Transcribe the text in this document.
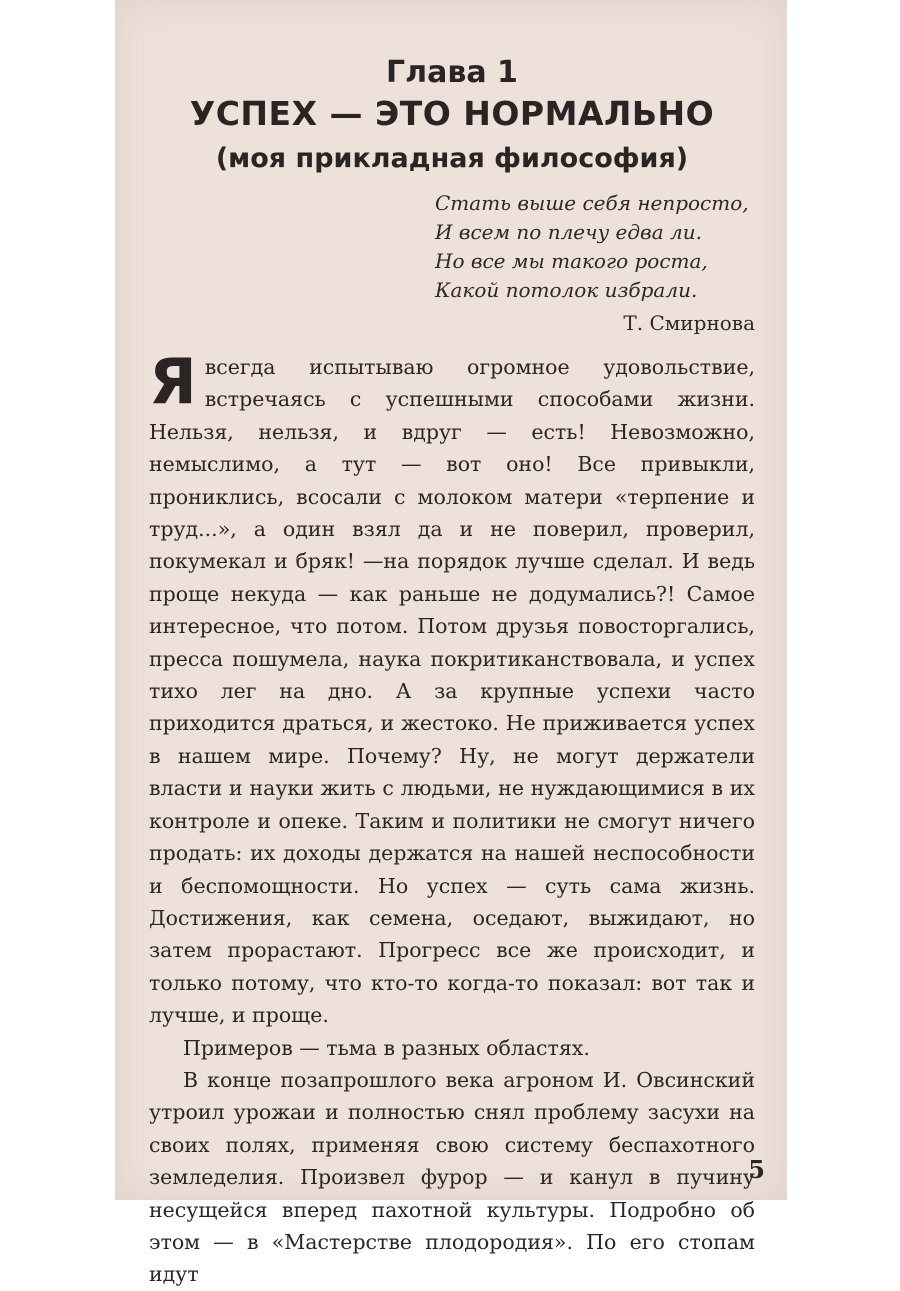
Глава 1
УСПЕХ — ЭТО НОРМАЛЬНО
(моя прикладная философия)
Стать выше себя непросто,
И всем по плечу едва ли.
Но все мы такого роста,
Какой потолок избрали.
Т. Смирнова

Я всегда испытываю огромное удовольствие, встречаясь с успешными способами жизни. Нельзя, нельзя, и вдруг — есть! Невозможно, немыслимо, а тут — вот оно! Все привыкли, прониклись, всосали с молоком матери «терпение и труд...», а один взял да и не поверил, проверил, покумекал и бряк! —на порядок лучше сделал. И ведь проще некуда — как раньше не додумались?! Самое интересное, что потом. Потом друзья повосторгались, пресса пошумела, наука покритиканствовала, и успех тихо лег на дно. А за крупные успехи часто приходится драться, и жестоко. Не приживается успех в нашем мире. Почему? Ну, не могут держатели власти и науки жить с людьми, не нуждающимися в их контроле и опеке. Таким и политики не смогут ничего продать: их доходы держатся на нашей неспособности и беспомощности. Но успех — суть сама жизнь. Достижения, как семена, оседают, выжидают, но затем прорастают. Прогресс все же происходит, и только потому, что кто-то когда-то показал: вот так и лучше, и проще.

Примеров — тьма в разных областях.

В конце позапрошлого века агроном И. Овсинский утроил урожаи и полностью снял проблему засухи на своих полях, применяя свою систему беспахотного земледелия. Произвел фурор — и канул в пучину несущейся вперед пахотной культуры. Подробно об этом — в «Мастерстве плодородия». По его стопам идут

5
